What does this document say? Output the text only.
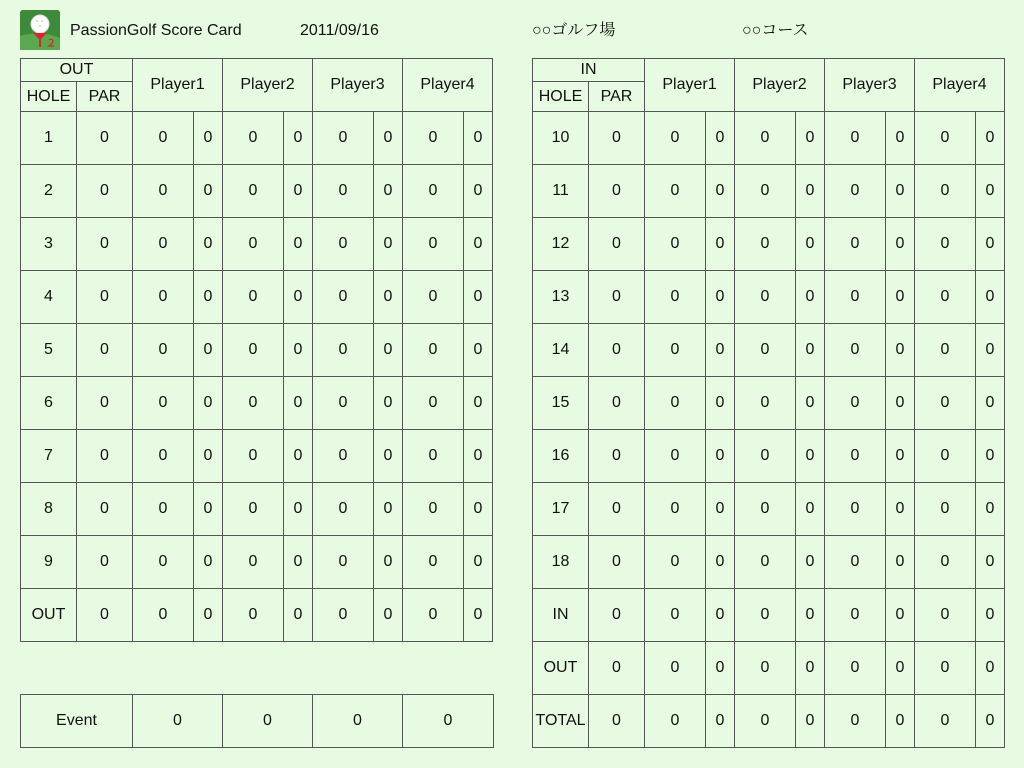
PassionGolf Score Card	2011/09/16	○○ゴルフ場	○○コース
OUT		Player1		Player2		Player3		Player4	
HOLE	PAR								
1	0	0	0	0	0	0	0	0	0
2	0	0	0	0	0	0	0	0	0
3	0	0	0	0	0	0	0	0	0
4	0	0	0	0	0	0	0	0	0
5	0	0	0	0	0	0	0	0	0
6	0	0	0	0	0	0	0	0	0
7	0	0	0	0	0	0	0	0	0
8	0	0	0	0	0	0	0	0	0
9	0	0	0	0	0	0	0	0	0
OUT	0	0	0	0	0	0	0	0	0
IN		Player1		Player2		Player3		Player4	
HOLE	PAR								
10	0	0	0	0	0	0	0	0	0
11	0	0	0	0	0	0	0	0	0
12	0	0	0	0	0	0	0	0	0
13	0	0	0	0	0	0	0	0	0
14	0	0	0	0	0	0	0	0	0
15	0	0	0	0	0	0	0	0	0
16	0	0	0	0	0	0	0	0	0
17	0	0	0	0	0	0	0	0	0
18	0	0	0	0	0	0	0	0	0
IN	0	0	0	0	0	0	0	0	0
OUT	0	0	0	0	0	0	0	0	0
TOTAL	0	0	0	0	0	0	0	0	0
Event	0	0	0	0
